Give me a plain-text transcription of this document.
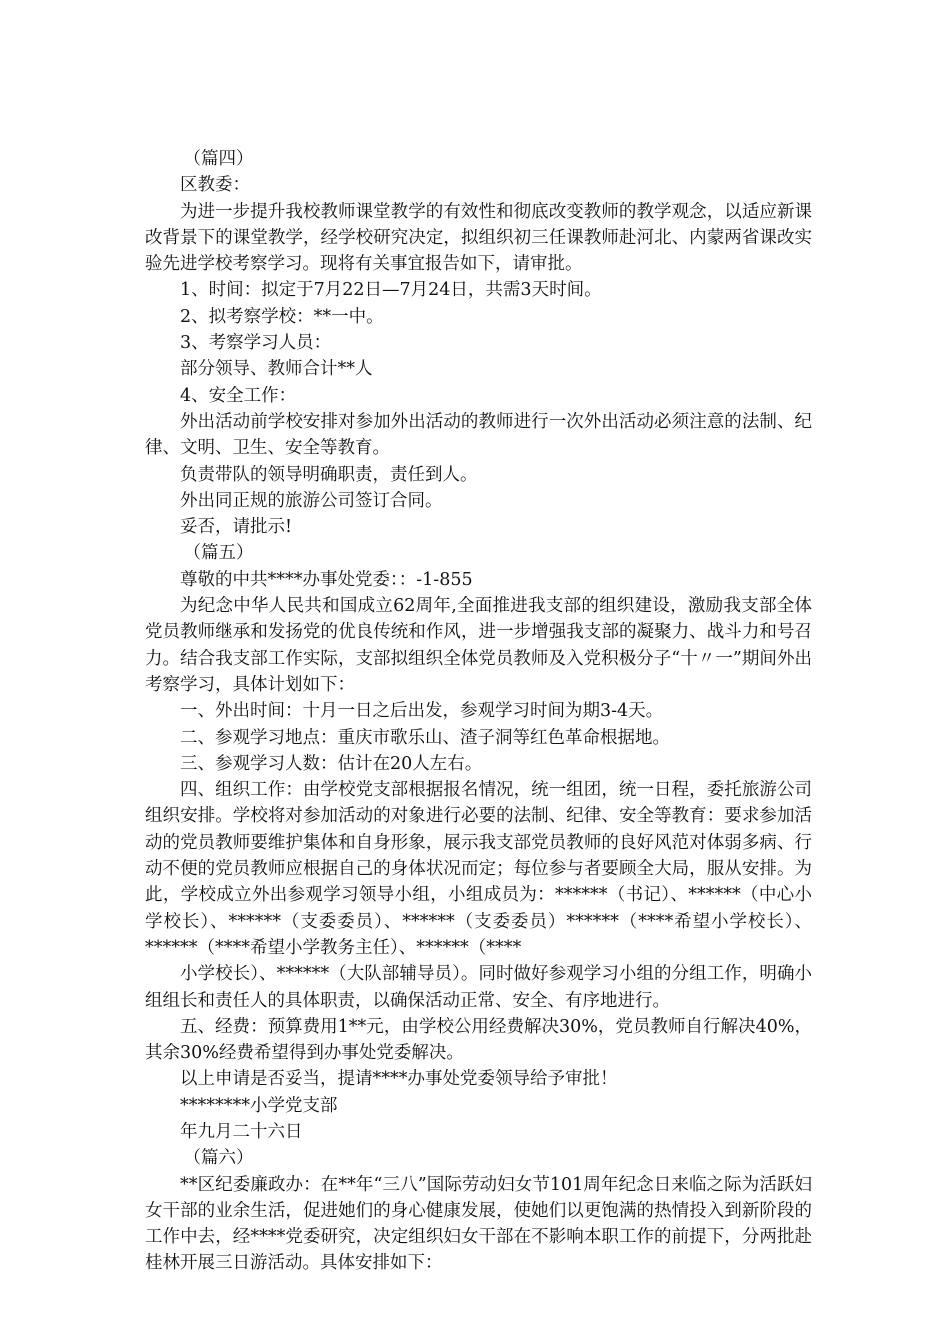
（篇四）

区教委：

为进一步提升我校教师课堂教学的有效性和彻底改变教师的教学观念，以适应新课改背景下的课堂教学，经学校研究决定，拟组织初三任课教师赴河北、内蒙两省课改实验先进学校考察学习。现将有关事宜报告如下，请审批。

1、时间：拟定于7月22日—7月24日，共需3天时间。

2、拟考察学校：**一中。

3、考察学习人员：

部分领导、教师合计**人

4、安全工作：

外出活动前学校安排对参加外出活动的教师进行一次外出活动必须注意的法制、纪律、文明、卫生、安全等教育。

负责带队的领导明确职责，责任到人。

外出同正规的旅游公司签订合同。

妥否，请批示!

（篇五）

尊敬的中共****办事处党委：：-1-855

为纪念中华人民共和国成立62周年,全面推进我支部的组织建设，激励我支部全体党员教师继承和发扬党的优良传统和作风，进一步增强我支部的凝聚力、战斗力和号召力。结合我支部工作实际，支部拟组织全体党员教师及入党积极分子“十〃一”期间外出考察学习，具体计划如下：

一、外出时间：十月一日之后出发，参观学习时间为期3-4天。

二、参观学习地点：重庆市歌乐山、渣子洞等红色革命根据地。

三、参观学习人数：估计在20人左右。

四、组织工作：由学校党支部根据报名情况，统一组团，统一日程，委托旅游公司组织安排。学校将对参加活动的对象进行必要的法制、纪律、安全等教育：要求参加活动的党员教师要维护集体和自身形象，展示我支部党员教师的良好风范对体弱多病、行动不便的党员教师应根据自己的身体状况而定；每位参与者要顾全大局，服从安排。为此，学校成立外出参观学习领导小组，小组成员为：******（书记）、******（中心小学校长）、******（支委委员）、******（支委委员）******（****希望小学校长）、******（****希望小学教务主任）、******（****

小学校长）、******（大队部辅导员）。同时做好参观学习小组的分组工作，明确小组组长和责任人的具体职责，以确保活动正常、安全、有序地进行。

五、经费：预算费用1**元，由学校公用经费解决30%，党员教师自行解决40%，其余30%经费希望得到办事处党委解决。

以上申请是否妥当，提请****办事处党委领导给予审批！

********小学党支部

年九月二十六日

（篇六）

**区纪委廉政办：在**年“三八”国际劳动妇女节101周年纪念日来临之际为活跃妇女干部的业余生活，促进她们的身心健康发展，使她们以更饱满的热情投入到新阶段的工作中去，经****党委研究，决定组织妇女干部在不影响本职工作的前提下，分两批赴桂林开展三日游活动。具体安排如下：
